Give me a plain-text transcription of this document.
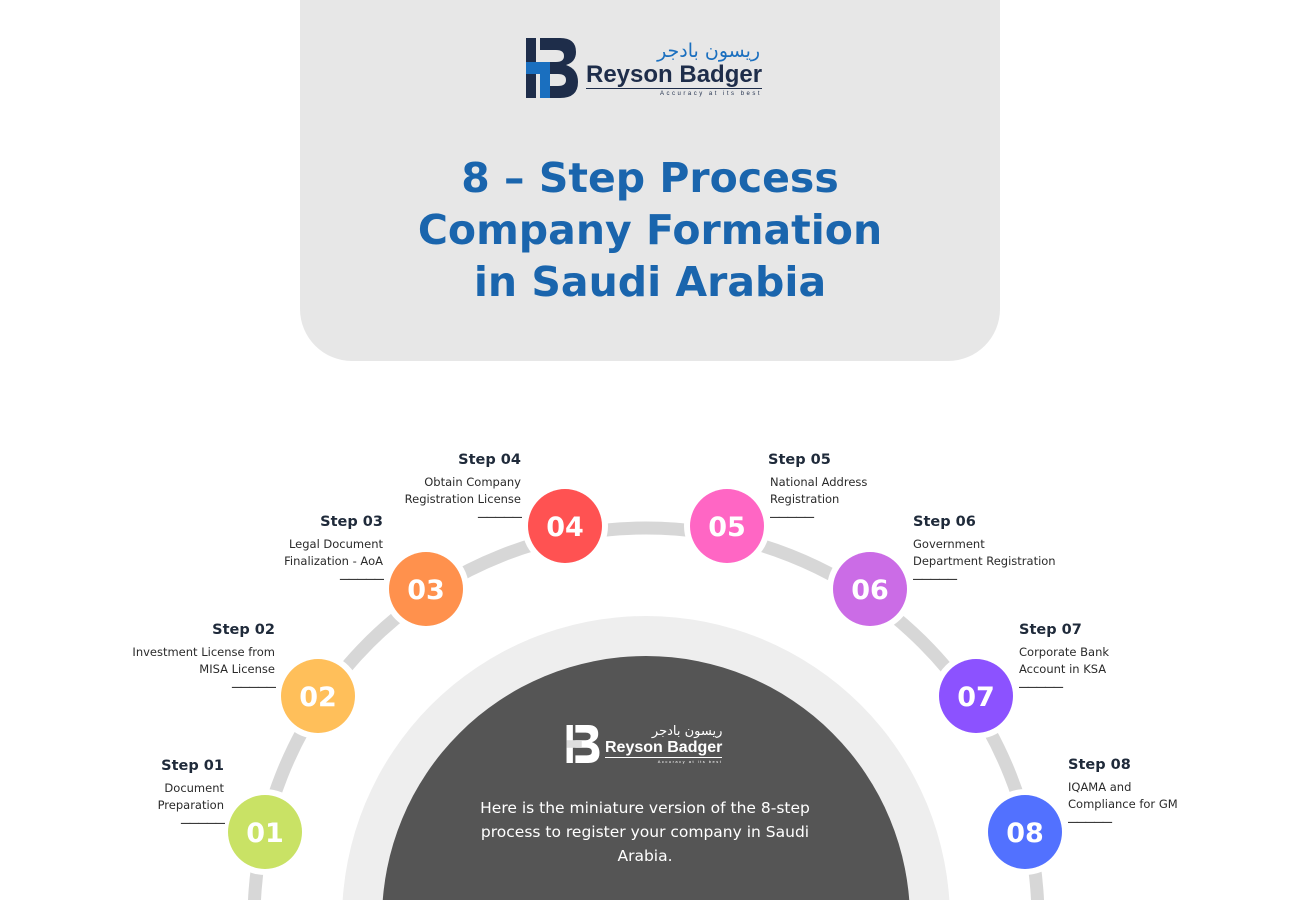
ريسون بادجر
Reyson Badger
Accuracy at its best
8 – Step Process
Company Formation
in Saudi Arabia
01
02
03
04	05
06
07
08
Step 01
Document
Preparation
–––––
Step 02
Investment License from
MISA License
–––––
Step 03
Legal Document
Finalization - AoA
–––––
Step 04
Obtain Company
Registration License
–––––
Step 05
National Address
Registration
–––––	Step 06
Government
Department Registration
–––––
Step 07
Corporate Bank
Account in KSA
–––––
Step 08
IQAMA and
Compliance for GM
–––––
ريسون بادجر
Reyson Badger
Accuracy at its best
Here is the miniature version of the 8-step process to register your company in Saudi Arabia.
